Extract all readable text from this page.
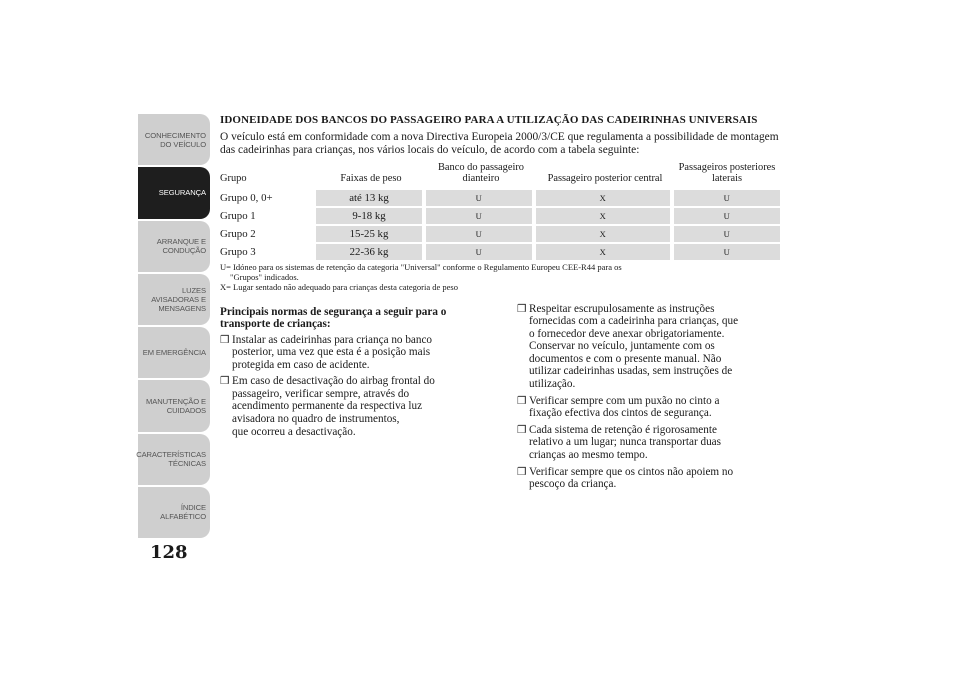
CONHECIMENTO
DO VEÍCULO
SEGURANÇA
ARRANQUE E
CONDUÇÃO
LUZES
AVISADORAS E
MENSAGENS
EM EMERGÊNCIA
MANUTENÇÃO E
CUIDADOS
CARACTERÍSTICAS
TÉCNICAS
ÍNDICE
ALFABÉTICO
128
IDONEIDADE DOS BANCOS DO PASSAGEIRO PARA A UTILIZAÇÃO DAS CADEIRINHAS UNIVERSAIS

O veículo está em conformidade com a nova Directiva Europeia 2000/3/CE que regulamenta a possibilidade de montagem das cadeirinhas para crianças, nos vários locais do veículo, de acordo com a tabela seguinte:

Grupo	Faixas de peso	Banco do passageiro dianteiro	Passageiro posterior central	Passageiros posteriores laterais
Grupo 0, 0+	até 13 kg	U	X	U
Grupo 1	9-18 kg	U	X	U
Grupo 2	15-25 kg	U	X	U
Grupo 3	22-36 kg	U	X	U

U= Idóneo para os sistemas de retenção da categoria "Universal" conforme o Regulamento Europeu CEE-R44 para os

"Grupos" indicados.

X= Lugar sentado não adequado para crianças desta categoria de peso

Principais normas de segurança a seguir para o transporte de crianças:
❒ Instalar as cadeirinhas para criança no banco
posterior, uma vez que esta é a posição mais
protegida em caso de acidente.
❒ Em caso de desactivação do airbag frontal do
passageiro, verificar sempre, através do
acendimento permanente da respectiva luz
avisadora no quadro de instrumentos,
que ocorreu a desactivação.
❒ Respeitar escrupulosamente as instruções
fornecidas com a cadeirinha para crianças, que
o fornecedor deve anexar obrigatoriamente.
Conservar no veículo, juntamente com os
documentos e com o presente manual. Não
utilizar cadeirinhas usadas, sem instruções de
utilização.
❒ Verificar sempre com um puxão no cinto a
fixação efectiva dos cintos de segurança.
❒ Cada sistema de retenção é rigorosamente
relativo a um lugar; nunca transportar duas
crianças ao mesmo tempo.
❒ Verificar sempre que os cintos não apoiem no
pescoço da criança.
